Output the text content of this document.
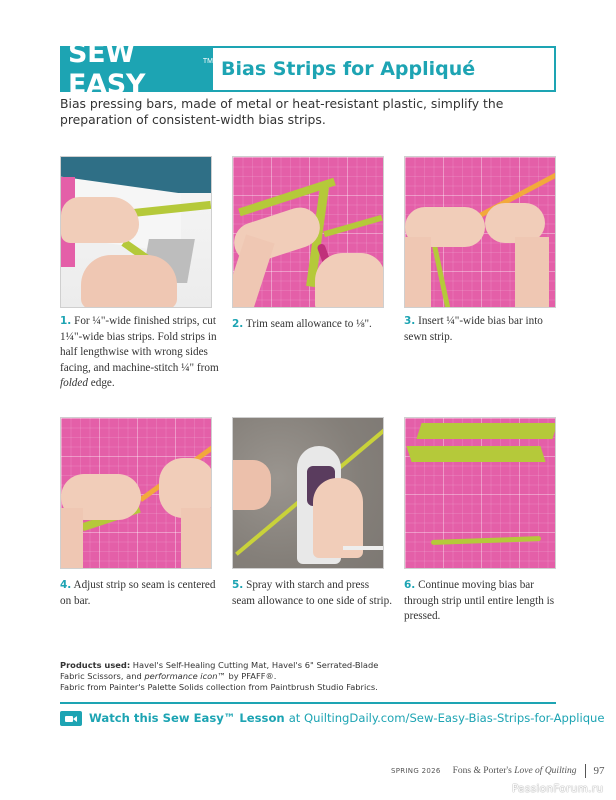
SEW EASY
TM Bias Strips for Appliqué

Bias pressing bars, made of metal or heat-resistant plastic, simplify the preparation of consistent-width bias strips.

1. For ¼"-wide finished strips, cut 1¼"-wide bias strips. Fold strips in half lengthwise with wrong sides facing, and machine-stitch ¼" from folded edge.
2. Trim seam allowance to ⅛".	3. Insert ¼"-wide bias bar into sewn strip.
4. Adjust strip so seam is centered on bar.
5. Spray with starch and press seam allowance to one side of strip.
6. Continue moving bias bar through strip until entire length is pressed.
Products used: Havel's Self-Healing Cutting Mat, Havel's 6" Serrated-Blade Fabric Scissors, and performance icon™ by PFAFF®.
Fabric from Painter's Palette Solids collection from Paintbrush Studio Fabrics.
Watch this Sew Easy™ Lesson at QuiltingDaily.com/Sew-Easy-Bias-Strips-for-Applique
SPRING 2026 Fons & Porter's Love of Quilting 97
PassionForum.ru
